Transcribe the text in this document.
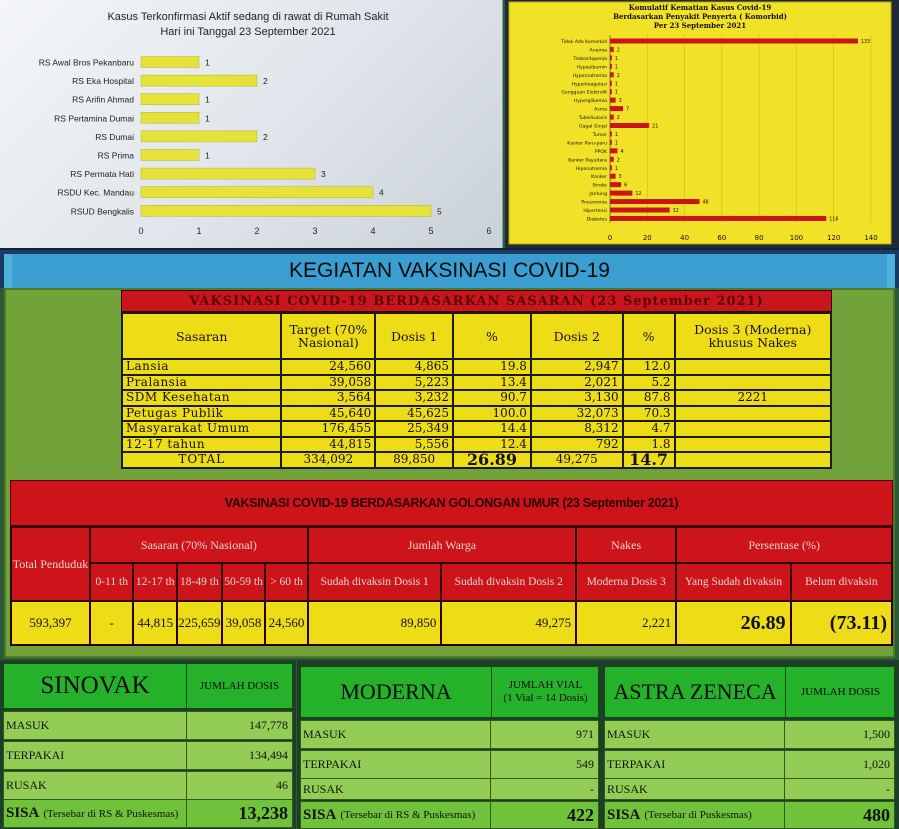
Kasus Terkonfirmasi Aktif sedang di rawat di Rumah Sakit
Hari ini Tanggal 23 September 2021
RS Awal Bros Pekanbaru	1
RS Eka Hospital	2
RS Arifin Ahmad	1
RS Pertamina Dumai	1
RS Dumai	2
RS Prima	1
RS Permata Hati	3
RSDU Kec. Mandau	4
RSUD Bengkalis	5
0	1	2	3	4	5	6
Komulatif Kematian Kasus Covid-19
Berdasarkan Penyakit Penyerta ( Komorbid)
Per 23 September 2021
0	20	40	60	80	100	120	140
Tidak Ada Komorbid	133
Anemia 2
Trobositopenia 1
Hypoalbumin 1
Hypernatremia 2
Hyperkoagulasi 1
Gangguan Elektrolit 1
Hyperglikemia 3
Asma	7
Tuberkulosis 2
Gagal Ginjal	21
Tumor 1
Kanker Paru-paru 1
PPOK	4
Kanker Payudara 2
Hiponatremia 1
Kanker 3
Stroke	6
Jantung	12
Pneumonia	48
Hipertensi	32
Diabetes	116
KEGIATAN VAKSINASI COVID-19
VAKSINASI COVID-19 BERDASARKAN SASARAN (23 September 2021)
Sasaran	Target (70% Nasional)	Dosis 1	%	Dosis 2	%	Dosis 3 (Moderna) khusus Nakes
Lansia	24,560	4,865	19.8	2,947	12.0	
Pralansia	39,058	5,223	13.4	2,021	5.2	
SDM Kesehatan	3,564	3,232	90.7	3,130	87.8	2221
Petugas Publik	45,640	45,625	100.0	32,073	70.3	
Masyarakat Umum	176,455	25,349	14.4	8,312	4.7	
12-17 tahun	44,815	5,556	12.4	792	1.8	
TOTAL	334,092	89,850	26.89	49,275	14.7	
VAKSINASI COVID-19 BERDASARKAN GOLONGAN UMUR (23 September 2021)
Total Penduduk	Sasaran (70% Nasional)					Jumlah Warga		Nakes	Persentase (%)	
	0-11 th	12-17 th	18-49 th	50-59 th	> 60 th	Sudah divaksin Dosis 1	Sudah divaksin Dosis 2	Moderna Dosis 3	Yang Sudah divaksin	Belum divaksin
593,397	-	44,815	225,659	39,058	24,560	89,850	49,275	2,221	26.89	(73.11)
SINOVAK	JUMLAH DOSIS
MASUK	147,778
TERPAKAI	134,494
RUSAK	46
SISA (Tersebar di RS & Puskesmas)	13,238
MODERNA	JUMLAH VIAL
(1 Vial = 14 Dosis)
MASUK	971
TERPAKAI	549
RUSAK	-
SISA (Tersebar di RS & Puskesmas)	422
ASTRA ZENECA	JUMLAH DOSIS
MASUK	1,500
TERPAKAI	1,020
RUSAK	-
SISA (Tersebar di Puskesmas)	480
